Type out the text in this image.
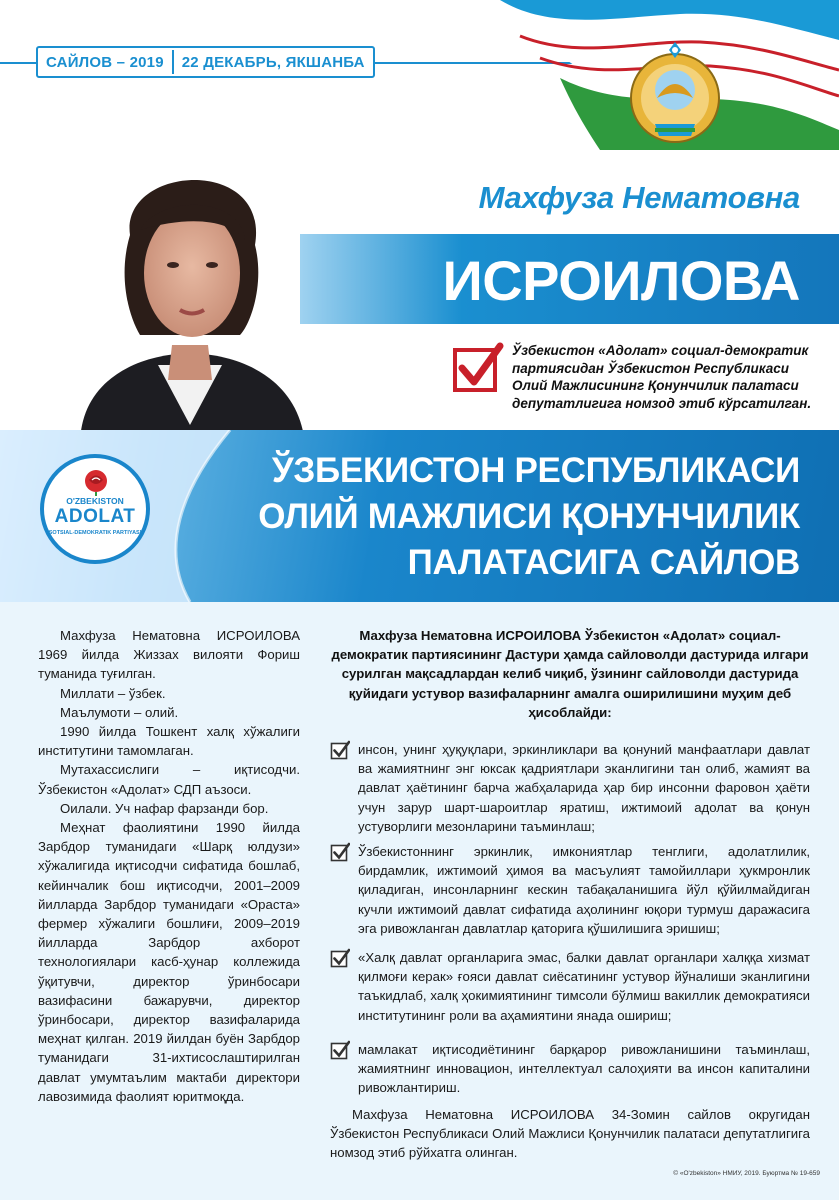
САЙЛОВ – 2019 22 ДЕКАБРЬ, ЯКШАНБА
Махфуза Нематовна
ИСРОИЛОВА
Ўзбекистон «Адолат» социал-демократик партиясидан Ўзбекистон Республикаси Олий Мажлисининг Қонунчилик палатаси депутатлигига номзод этиб кўрсатилган.
ЎЗБЕКИСТОН РЕСПУБЛИКАСИ
ОЛИЙ МАЖЛИСИ ҚОНУНЧИЛИК
ПАЛАТАСИГА САЙЛОВ
O'ZBEKISTON
ADOLAT
SOTSIAL-DEMOKRATIK PARTIYASI

Махфуза Нематовна ИСРОИЛОВА 1969 йилда Жиззах вилояти Фориш туманида туғилган.

Миллати – ўзбек.

Маълумоти – олий.

1990 йилда Тошкент халқ хўжалиги институтини тамомлаган.

Мутахассислиги – иқтисодчи. Ўзбекистон «Адолат» СДП аъзоси.

Оилали. Уч нафар фарзанди бор.

Меҳнат фаолиятини 1990 йилда Зарбдор туманидаги «Шарқ юлдузи» хўжалигида иқтисодчи сифатида бошлаб, кейинчалик бош иқтисодчи, 2001–2009 йилларда Зарбдор туманидаги «Ораста» фермер хўжалиги бошлиғи, 2009–2019 йилларда Зарбдор ахборот технологиялари касб-ҳунар коллежида ўқитувчи, директор ўринбосари вазифасини бажарувчи, директор ўринбосари, директор вазифаларида меҳнат қилган. 2019 йилдан буён Зарбдор туманидаги 31-ихтисослаштирилган давлат умумтаълим мактаби директори лавозимида фаолият юритмоқда.

Махфуза Нематовна ИСРОИЛОВА Ўзбекистон «Адолат» социал-демократик партиясининг Дастури ҳамда сайловолди дастурида илгари сурилган мақсадлардан келиб чиқиб, ўзининг сайловолди дастурида қуйидаги устувор вазифаларнинг амалга оширилишини муҳим деб ҳисоблайди:
инсон, унинг ҳуқуқлари, эркинликлари ва қонуний манфаатлари давлат ва жамиятнинг энг юксак қадриятлари эканлигини тан олиб, жамият ва давлат ҳаётининг барча жабҳаларида ҳар бир инсонни фаровон ҳаёти учун зарур шарт-шароитлар яратиш, ижтимоий адолат ва қонун устуворлиги мезонларини таъминлаш;
Ўзбекистоннинг эркинлик, имкониятлар тенглиги, адолатлилик, бирдамлик, ижтимоий ҳимоя ва масъулият тамойиллари ҳукмронлик қиладиган, инсонларнинг кескин табақаланишига йўл қўйилмайдиган кучли ижтимоий давлат сифатида аҳолининг юқори турмуш даражасига эга ривожланган давлатлар қаторига қўшилишига эришиш;
«Халқ давлат органларига эмас, балки давлат органлари халққа хизмат қилмоғи керак» ғояси давлат сиёсатининг устувор йўналиши эканлигини таъкидлаб, халқ ҳокимиятининг тимсоли бўлмиш вакиллик демократияси институтининг роли ва аҳамиятини янада ошириш;
мамлакат иқтисодиётининг барқарор ривожланишини таъминлаш, жамиятнинг инновацион, интеллектуал салоҳияти ва инсон капиталини ривожлантириш.
Махфуза Нематовна ИСРОИЛОВА 34-Зомин сайлов округидан Ўзбекистон Республикаси Олий Мажлиси Қонунчилик палатаси депутатлигига номзод этиб рўйхатга олинган.
© «O'zbekiston» НМИУ, 2019. Буюртма № 19-659
